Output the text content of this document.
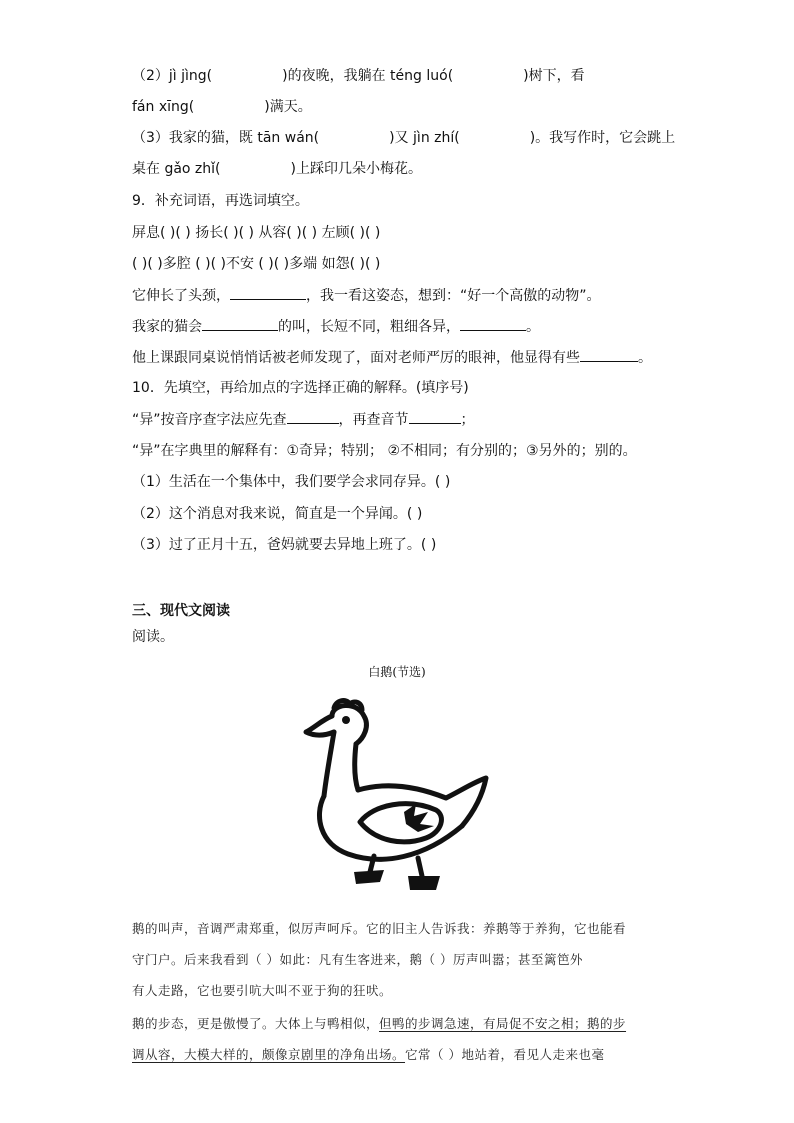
（2）jì jìng(	)的夜晚，我躺在 téng luó(	)树下，看
fán xīng(	)满天。
（3）我家的猫，既 tān wán(	)又 jìn zhí(	)。我写作时，它会跳上
桌在 gǎo zhǐ(	)上踩印几朵小梅花。
9．补充词语，再选词填空。
屏息( )( ) 扬长( )( ) 从容( )( ) 左顾( )( )
( )( )多腔 ( )( )不安 ( )( )多端 如怨( )( )
它伸长了头颈，	，我一看这姿态，想到：“好一个高傲的动物”。
我家的猫会	的叫，长短不同，粗细各异，	。
他上课跟同桌说悄悄话被老师发现了，面对老师严厉的眼神，他显得有些	。
10．先填空，再给加点的字选择正确的解释。(填序号)
“异”按音序查字法应先查	，再查音节	；
“异”在字典里的解释有：①奇异；特别； ②不相同；有分别的；③另外的；别的。
（1）生活在一个集体中，我们要学会求同存异。( )
（2）这个消息对我来说，简直是一个异闻。( )
（3）过了正月十五，爸妈就要去异地上班了。( )
三、现代文阅读
阅读。
白鹅(节选)
鹅的叫声，音调严肃郑重，似厉声呵斥。它的旧主人告诉我：养鹅等于养狗，它也能看
守门户。后来我看到（ ）如此：凡有生客进来，鹅（ ）厉声叫嚣；甚至篱笆外
有人走路，它也要引吭大叫不亚于狗的狂吠。
鹅的步态，更是傲慢了。大体上与鸭相似，但鸭的步调急速，有局促不安之相；鹅的步
调从容，大模大样的，颇像京剧里的净角出场。它常（ ）地站着，看见人走来也毫
